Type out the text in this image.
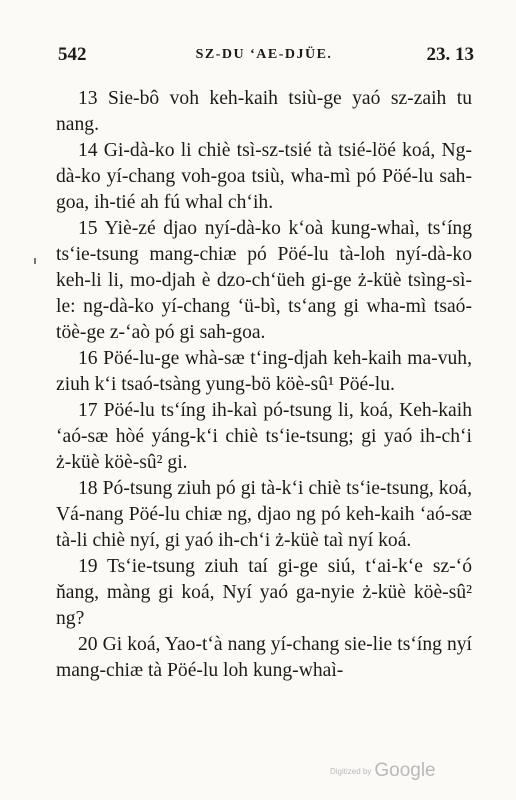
542	SZ-DU ‘AE-DJÜE.	23. 13

13 Sie-bô voh keh-kaih tsiù-ge yaó sz-zaih tu nang.

14 Gi-dà-ko li chiè tsì-sz-tsié tà tsié-löé koá, Ng-dà-ko yí-chang voh-goa tsiù, wha-mì pó Pöé-lu sah-goa, ih-tié ah fú whal ch‘ih.

15 Yiè-zé djao nyí-dà-ko k‘oà kung-whaì, ts‘íng ts‘ie-tsung mang-chiæ pó Pöé-lu tà-loh nyí-dà-ko keh-li li, mo-djah è dzo-ch‘üeh gi-ge ż-küè tsìng-sì-le: ng-dà-ko yí-chang ‘ü-bì, ts‘ang gi wha-mì tsaó-töè-ge z-‘aò pó gi sah-goa.

16 Pöé-lu-ge whà-sæ t‘ing-djah keh-kaih ma-vuh, ziuh k‘i tsaó-tsàng yung-bö köè-sû¹ Pöé-lu.

17 Pöé-lu ts‘íng ih-kaì pó-tsung li, koá, Keh-kaih ‘aó-sæ hòé yáng-k‘i chiè ts‘ie-tsung; gi yaó ih-ch‘i ż-küè köè-sû² gi.

18 Pó-tsung ziuh pó gi tà-k‘i chiè ts‘ie-tsung, koá, Vá-nang Pöé-lu chiæ ng, djao ng pó keh-kaih ‘aó-sæ tà-li chiè nyí, gi yaó ih-ch‘i ż-küè taì nyí koá.

19 Ts‘ie-tsung ziuh taí gi-ge siú, t‘ai-k‘e sz-‘ó ňang, màng gi koá, Nyí yaó ga-nyie ż-küè köè-sû² ng?

20 Gi koá, Yao-t‘à nang yí-chang sie-lie ts‘íng nyí mang-chiæ tà Pöé-lu loh kung-whaì-

Digitized by Google
